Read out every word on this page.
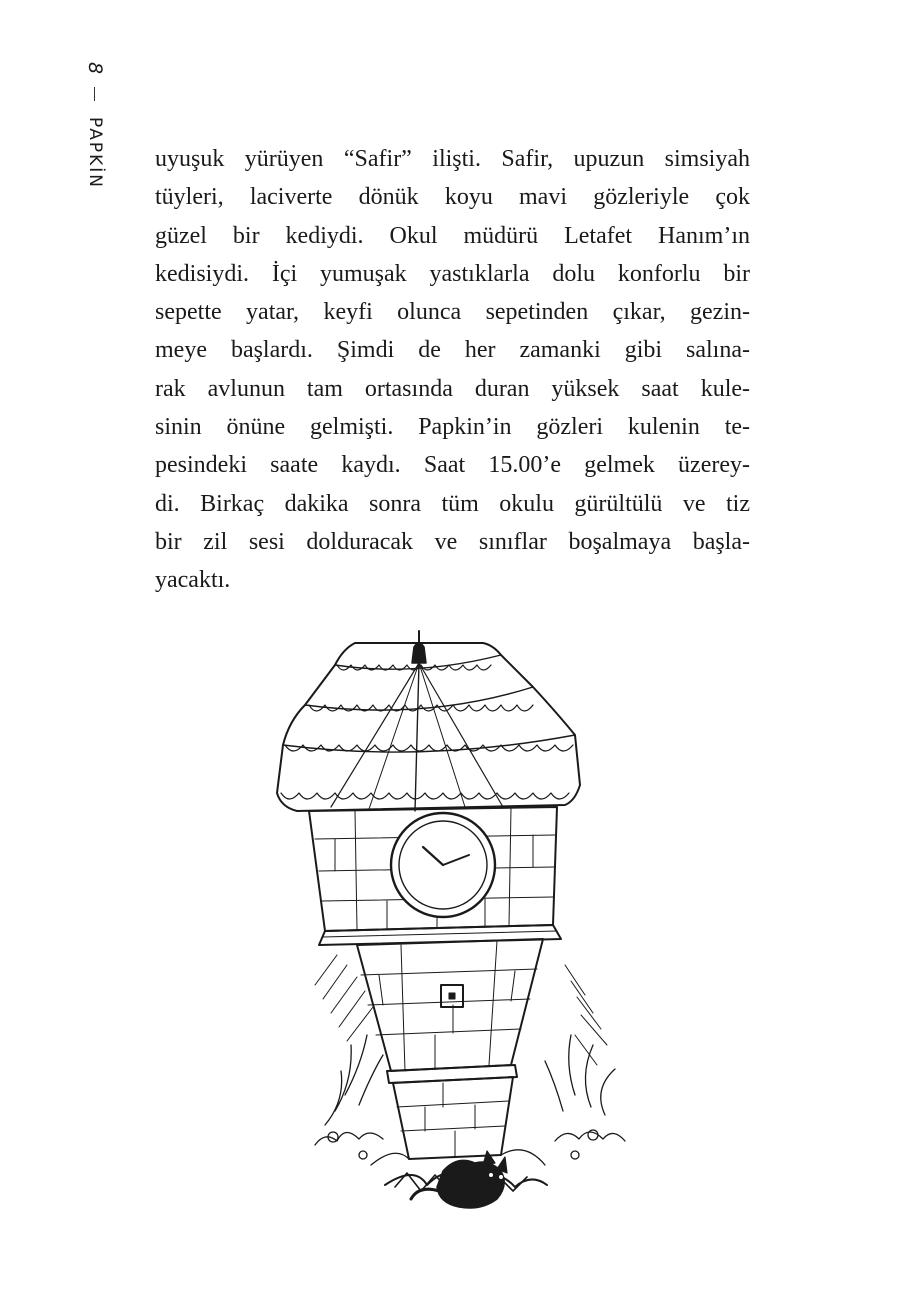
8
PAPKİN uyuşuk yürüyen “Safir” ilişti. Safir, upuzun simsiyah
tüyleri, laciverte dönük koyu mavi gözleriyle çok
güzel bir kediydi. Okul müdürü Letafet Hanım’ın
kedisiydi. İçi yumuşak yastıklarla dolu konforlu bir
sepette yatar, keyfi olunca sepetinden çıkar, gezin-
meye başlardı. Şimdi de her zamanki gibi salına-
rak avlunun tam ortasında duran yüksek saat kule-
sinin önüne gelmişti. Papkin’in gözleri kulenin te-
pesindeki saate kaydı. Saat 15.00’e gelmek üzerey-
di. Birkaç dakika sonra tüm okulu gürültülü ve tiz
bir zil sesi dolduracak ve sınıflar boşalmaya başla-
yacaktı.
